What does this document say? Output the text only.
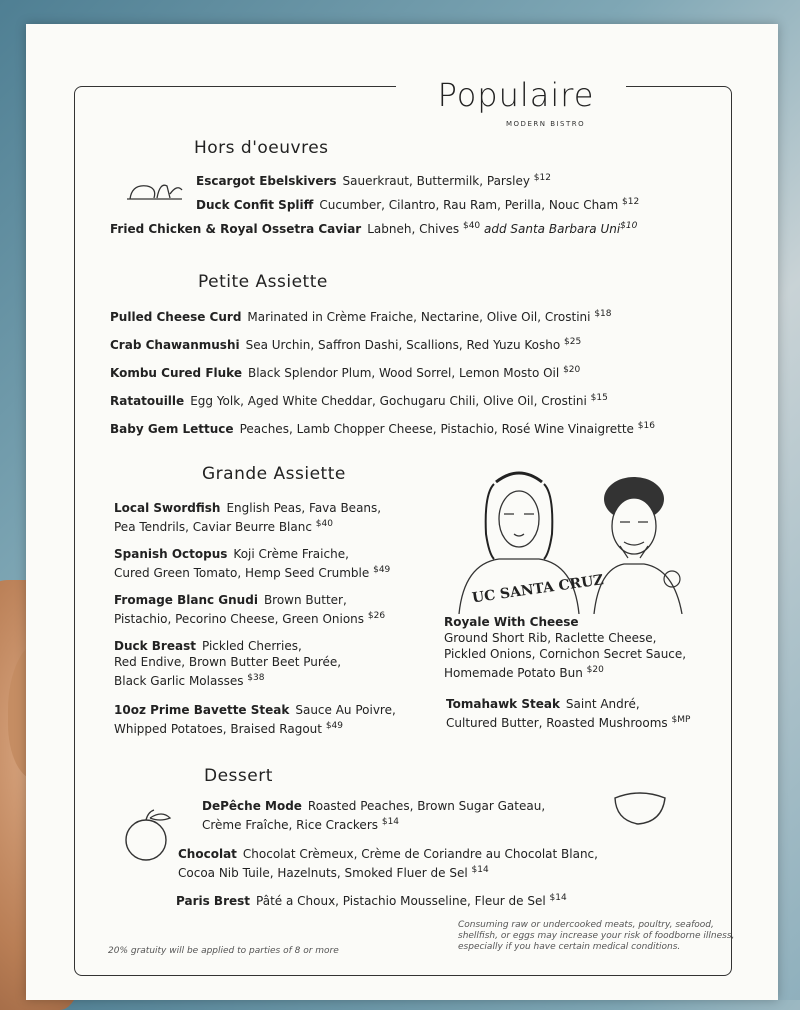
Populaire
MODERN BISTRO
Hors d'oeuvres
Escargot Ebelskivers Sauerkraut, Buttermilk, Parsley $^{\$12}$
Duck Confit Spliff Cucumber, Cilantro, Rau Ram, Perilla, Nouc Cham $^{\$12}$
Fried Chicken & Royal Ossetra Caviar Labneh, Chives $^{\$40}$ add Santa Barbara Uni$^{\$10}$
Petite Assiette
Pulled Cheese Curd Marinated in Crème Fraiche, Nectarine, Olive Oil, Crostini $^{\$18}$
Crab Chawanmushi Sea Urchin, Saffron Dashi, Scallions, Red Yuzu Kosho $^{\$25}$
Kombu Cured Fluke Black Splendor Plum, Wood Sorrel, Lemon Mosto Oil $^{\$20}$
Ratatouille Egg Yolk, Aged White Cheddar, Gochugaru Chili, Olive Oil, Crostini $^{\$15}$
Baby Gem Lettuce Peaches, Lamb Chopper Cheese, Pistachio, Rosé Wine Vinaigrette $^{\$16}$
Grande Assiette
Local Swordfish English Peas, Fava Beans,
Pea Tendrils, Caviar Beurre Blanc $^{\$40}$
Spanish Octopus Koji Crème Fraiche,
Cured Green Tomato, Hemp Seed Crumble $^{\$49}$
Fromage Blanc Gnudi Brown Butter,
Pistachio, Pecorino Cheese, Green Onions $^{\$26}$
Duck Breast Pickled Cherries,
Red Endive, Brown Butter Beet Purée,
Black Garlic Molasses $^{\$38}$
10oz Prime Bavette Steak Sauce Au Poivre,
Whipped Potatoes, Braised Ragout $^{\$49}$
UC SANTA CRUZ
Royale With Cheese
Ground Short Rib, Raclette Cheese,
Pickled Onions, Cornichon Secret Sauce,
Homemade Potato Bun $^{\$20}$
Tomahawk Steak Saint André,
Cultured Butter, Roasted Mushrooms $^{\$MP}$
Dessert
DePêche Mode Roasted Peaches, Brown Sugar Gateau,
Crème Fraîche, Rice Crackers $^{\$14}$
Chocolat Chocolat Crèmeux, Crème de Coriandre au Chocolat Blanc,
Cocoa Nib Tuile, Hazelnuts, Smoked Fluer de Sel $^{\$14}$
Paris Brest Pâté a Choux, Pistachio Mousseline, Fleur de Sel $^{\$14}$
20% gratuity will be applied to parties of 8 or more
Consuming raw or undercooked meats, poultry, seafood,
shellfish, or eggs may increase your risk of foodborne illness,
especially if you have certain medical conditions.
